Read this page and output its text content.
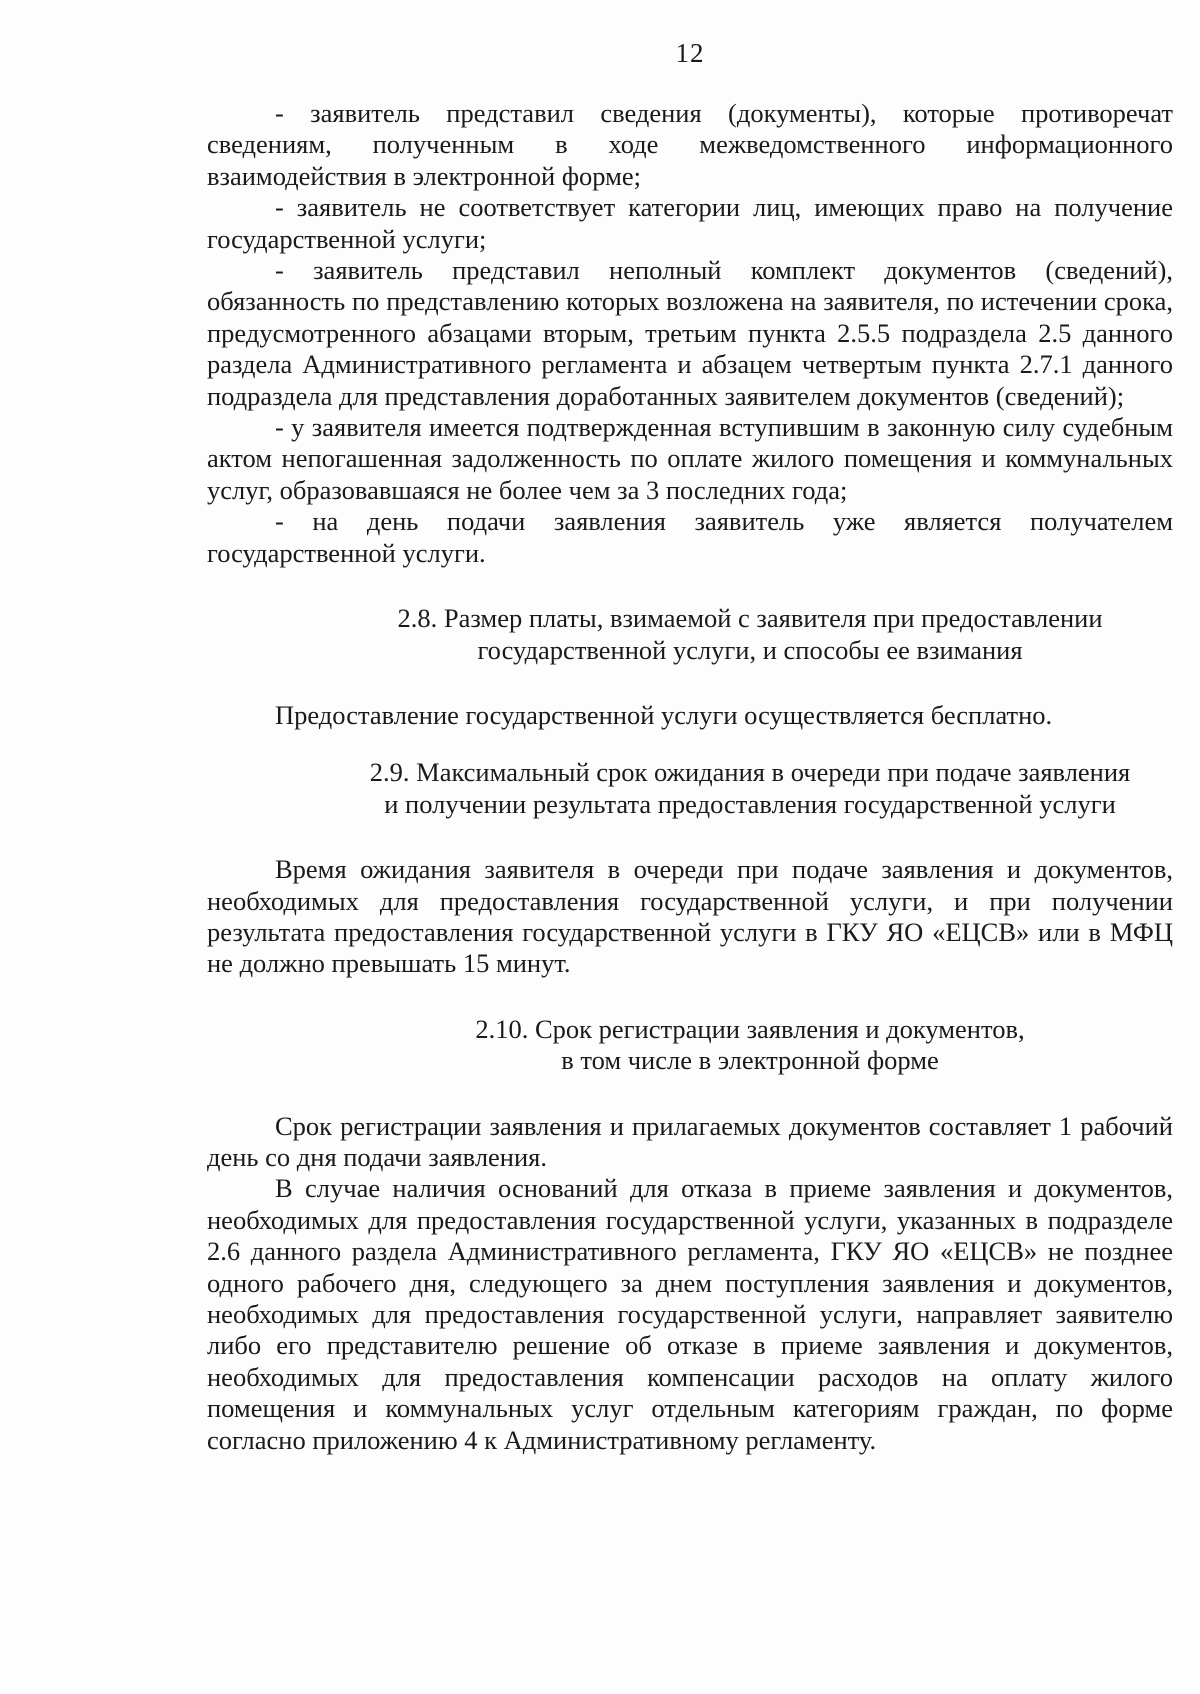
12

- заявитель представил сведения (документы), которые противоречат сведениям, полученным в ходе межведомственного информационного взаимодействия в электронной форме;

- заявитель не соответствует категории лиц, имеющих право на получение государственной услуги;

- заявитель представил неполный комплект документов (сведений), обязанность по представлению которых возложена на заявителя, по истечении срока, предусмотренного абзацами вторым, третьим пункта 2.5.5 подраздела 2.5 данного раздела Административного регламента и абзацем четвертым пункта 2.7.1 данного подраздела для представления доработанных заявителем документов (сведений);

- у заявителя имеется подтвержденная вступившим в законную силу судебным актом непогашенная задолженность по оплате жилого помещения и коммунальных услуг, образовавшаяся не более чем за 3 последних года;

- на день подачи заявления заявитель уже является получателем государственной услуги.

2.8. Размер платы, взимаемой с заявителя при предоставлении

государственной услуги, и способы ее взимания

Предоставление государственной услуги осуществляется бесплатно.

2.9. Максимальный срок ожидания в очереди при подаче заявления

и получении результата предоставления государственной услуги

Время ожидания заявителя в очереди при подаче заявления и документов, необходимых для предоставления государственной услуги, и при получении результата предоставления государственной услуги в ГКУ ЯО «ЕЦСВ» или в МФЦ не должно превышать 15 минут.

2.10. Срок регистрации заявления и документов,

в том числе в электронной форме

Срок регистрации заявления и прилагаемых документов составляет 1 рабочий день со дня подачи заявления.

В случае наличия оснований для отказа в приеме заявления и документов, необходимых для предоставления государственной услуги, указанных в подразделе 2.6 данного раздела Административного регламента, ГКУ ЯО «ЕЦСВ» не позднее одного рабочего дня, следующего за днем поступления заявления и документов, необходимых для предоставления государственной услуги, направляет заявителю либо его представителю решение об отказе в приеме заявления и документов, необходимых для предоставления компенсации расходов на оплату жилого помещения и коммунальных услуг отдельным категориям граждан, по форме согласно приложению 4 к Административному регламенту.
